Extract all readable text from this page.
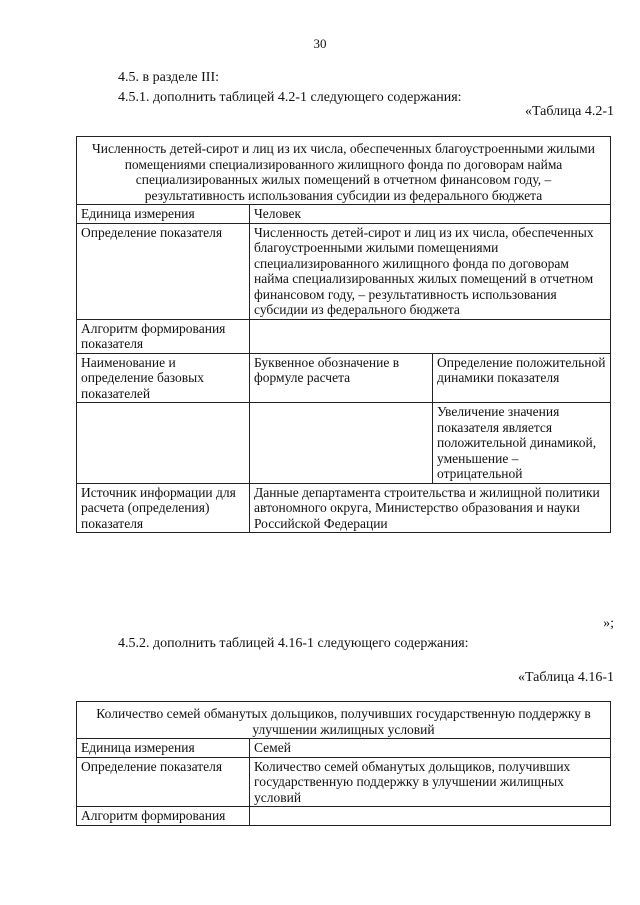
30
4.5. в разделе III:
4.5.1. дополнить таблицей 4.2-1 следующего содержания:
«Таблица 4.2-1
Численность детей-сирот и лиц из их числа, обеспеченных благоустроенными жилыми помещениями специализированного жилищного фонда по договорам найма специализированных жилых помещений в отчетном финансовом году, – результативность использования субсидии из федерального бюджета		
Единица измерения	Человек	
Определение показателя	Численность детей-сирот и лиц из их числа, обеспеченных благоустроенными жилыми помещениями специализированного жилищного фонда по договорам найма специализированных жилых помещений в отчетном финансовом году, – результативность использования субсидии из федерального бюджета	
Алгоритм формирования показателя		
Наименование и определение базовых показателей	Буквенное обозначение в формуле расчета	Определение положительной динамики показателя
		Увеличение значения показателя является положительной динамикой, уменьшение – отрицательной
Источник информации для расчета (определения) показателя	Данные департамента строительства и жилищной политики автономного округа, Министерство образования и науки Российской Федерации	
»;
4.5.2. дополнить таблицей 4.16-1 следующего содержания:
«Таблица 4.16-1
Количество семей обманутых дольщиков, получивших государственную поддержку в улучшении жилищных условий	
Единица измерения	Семей
Определение показателя	Количество семей обманутых дольщиков, получивших государственную поддержку в улучшении жилищных условий
Алгоритм формирования	
